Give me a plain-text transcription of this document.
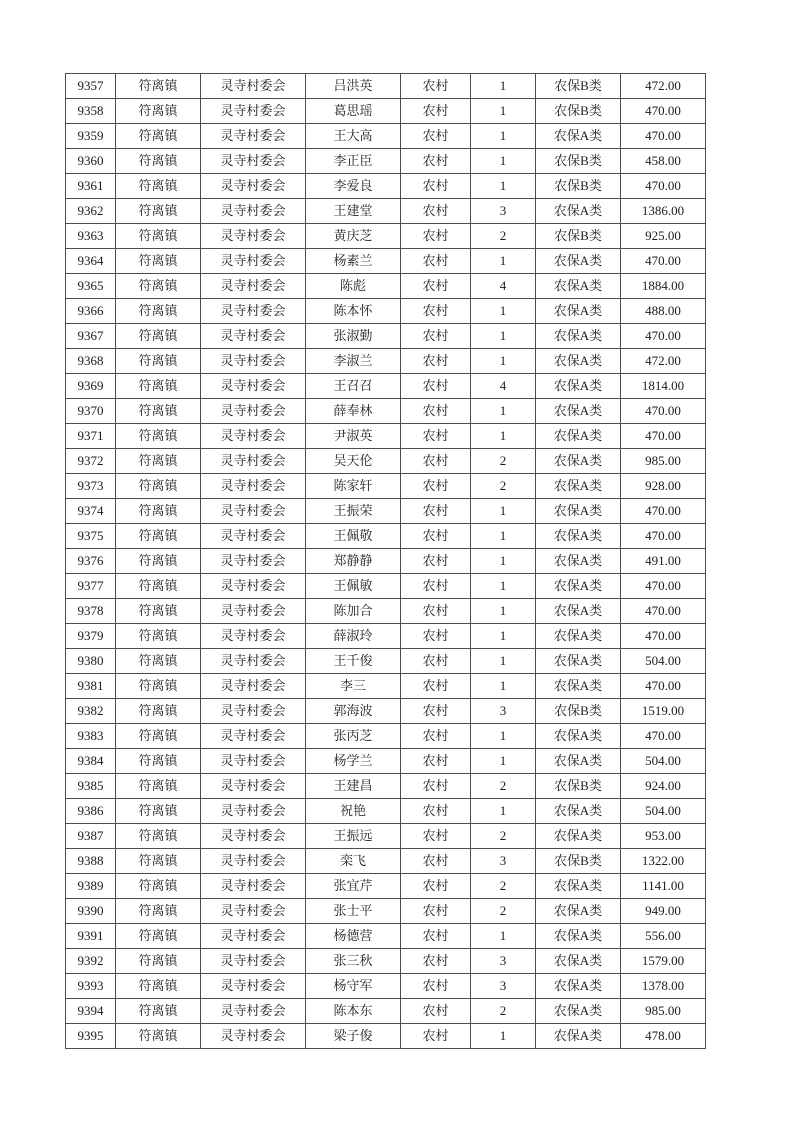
9357	符离镇	灵寺村委会	吕洪英	农村	1	农保B类	472.00
9358	符离镇	灵寺村委会	葛思瑶	农村	1	农保B类	470.00
9359	符离镇	灵寺村委会	王大高	农村	1	农保A类	470.00
9360	符离镇	灵寺村委会	李正臣	农村	1	农保B类	458.00
9361	符离镇	灵寺村委会	李爱良	农村	1	农保B类	470.00
9362	符离镇	灵寺村委会	王建堂	农村	3	农保A类	1386.00
9363	符离镇	灵寺村委会	黄庆芝	农村	2	农保B类	925.00
9364	符离镇	灵寺村委会	杨素兰	农村	1	农保A类	470.00
9365	符离镇	灵寺村委会	陈彪	农村	4	农保A类	1884.00
9366	符离镇	灵寺村委会	陈本怀	农村	1	农保A类	488.00
9367	符离镇	灵寺村委会	张淑勤	农村	1	农保A类	470.00
9368	符离镇	灵寺村委会	李淑兰	农村	1	农保A类	472.00
9369	符离镇	灵寺村委会	王召召	农村	4	农保A类	1814.00
9370	符离镇	灵寺村委会	薛奉林	农村	1	农保A类	470.00
9371	符离镇	灵寺村委会	尹淑英	农村	1	农保A类	470.00
9372	符离镇	灵寺村委会	吴天伦	农村	2	农保A类	985.00
9373	符离镇	灵寺村委会	陈家轩	农村	2	农保A类	928.00
9374	符离镇	灵寺村委会	王振荣	农村	1	农保A类	470.00
9375	符离镇	灵寺村委会	王佩敬	农村	1	农保A类	470.00
9376	符离镇	灵寺村委会	郑静静	农村	1	农保A类	491.00
9377	符离镇	灵寺村委会	王佩敏	农村	1	农保A类	470.00
9378	符离镇	灵寺村委会	陈加合	农村	1	农保A类	470.00
9379	符离镇	灵寺村委会	薛淑玲	农村	1	农保A类	470.00
9380	符离镇	灵寺村委会	王千俊	农村	1	农保A类	504.00
9381	符离镇	灵寺村委会	李三	农村	1	农保A类	470.00
9382	符离镇	灵寺村委会	郭海波	农村	3	农保B类	1519.00
9383	符离镇	灵寺村委会	张丙芝	农村	1	农保A类	470.00
9384	符离镇	灵寺村委会	杨学兰	农村	1	农保A类	504.00
9385	符离镇	灵寺村委会	王建昌	农村	2	农保B类	924.00
9386	符离镇	灵寺村委会	祝艳	农村	1	农保A类	504.00
9387	符离镇	灵寺村委会	王振远	农村	2	农保A类	953.00
9388	符离镇	灵寺村委会	栾飞	农村	3	农保B类	1322.00
9389	符离镇	灵寺村委会	张宜芹	农村	2	农保A类	1141.00
9390	符离镇	灵寺村委会	张士平	农村	2	农保A类	949.00
9391	符离镇	灵寺村委会	杨德营	农村	1	农保A类	556.00
9392	符离镇	灵寺村委会	张三秋	农村	3	农保A类	1579.00
9393	符离镇	灵寺村委会	杨守军	农村	3	农保A类	1378.00
9394	符离镇	灵寺村委会	陈本东	农村	2	农保A类	985.00
9395	符离镇	灵寺村委会	梁子俊	农村	1	农保A类	478.00
